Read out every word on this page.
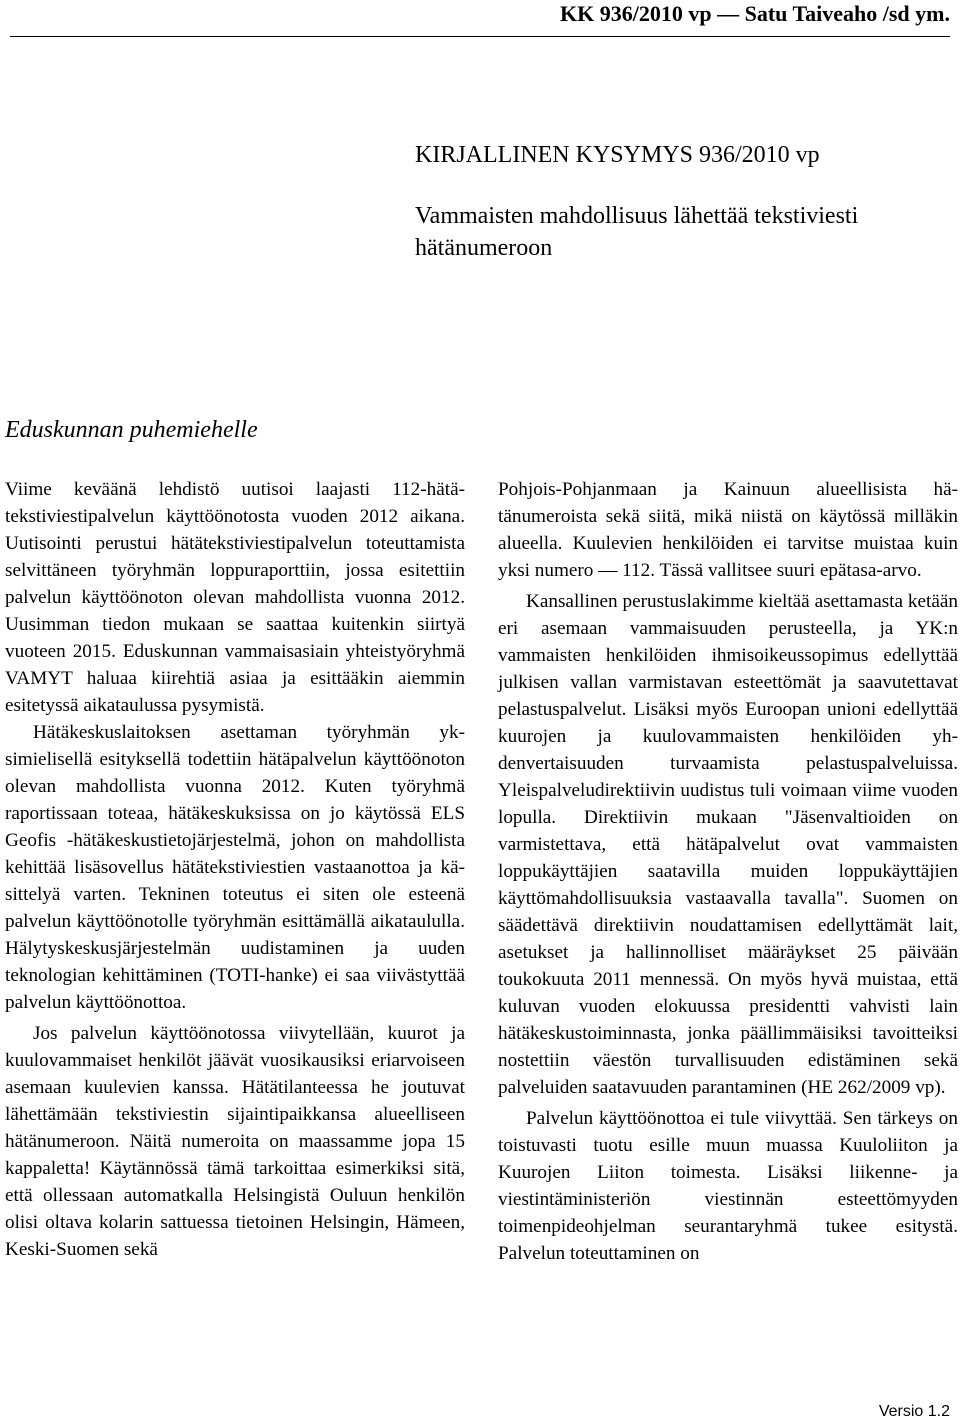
KK 936/2010 vp — Satu Taiveaho /sd ym.
KIRJALLINEN KYSYMYS 936/2010 vp
Vammaisten mahdollisuus lähettää tekstiviesti hätänumeroon
Eduskunnan puhemiehelle

Viime keväänä lehdistö uutisoi laajasti 112-hätätekstiviestipalvelun käyttöönotosta vuoden 2012 aikana. Uutisointi perustui hätätekstiviestipalvelun toteuttamista selvittäneen työryhmän loppuraporttiin, jossa esitettiin palvelun käyttöönoton olevan mahdollista vuonna 2012. Uusimman tiedon mukaan se saattaa kuitenkin siirtyä vuoteen 2015. Eduskunnan vammaisasiain yhteistyöryhmä VAMYT haluaa kiirehtiä asiaa ja esittääkin aiemmin esitetyssä aikataulussa pysymistä.

Hätäkeskuslaitoksen asettaman työryhmän yksimielisellä esityksellä todettiin hätäpalvelun käyttöönoton olevan mahdollista vuonna 2012. Kuten työryhmä raportissaan toteaa, hätäkeskuksissa on jo käytössä ELS Geofis -hätäkeskustietojärjestelmä, johon on mahdollista kehittää lisäsovellus hätätekstiviestien vastaanottoa ja käsittelyä varten. Tekninen toteutus ei siten ole esteenä palvelun käyttöönotolle työryhmän esittämällä aikataululla. Hälytyskeskusjärjestelmän uudistaminen ja uuden teknologian kehittäminen (TOTI-hanke) ei saa viivästyttää palvelun käyttöönottoa.

Jos palvelun käyttöönotossa viivytellään, kuurot ja kuulovammaiset henkilöt jäävät vuosikausiksi eriarvoiseen asemaan kuulevien kanssa. Hätätilanteessa he joutuvat lähettämään tekstiviestin sijaintipaikkansa alueelliseen hätänumeroon. Näitä numeroita on maassamme jopa 15 kappaletta! Käytännössä tämä tarkoittaa esimerkiksi sitä, että ollessaan automatkalla Helsingistä Ouluun henkilön olisi oltava kolarin sattuessa tietoinen Helsingin, Hämeen, Keski-Suomen sekä

Pohjois-Pohjanmaan ja Kainuun alueellisista hätänumeroista sekä siitä, mikä niistä on käytössä milläkin alueella. Kuulevien henkilöiden ei tarvitse muistaa kuin yksi numero — 112. Tässä vallitsee suuri epätasa-arvo.

Kansallinen perustuslakimme kieltää asettamasta ketään eri asemaan vammaisuuden perusteella, ja YK:n vammaisten henkilöiden ihmisoikeussopimus edellyttää julkisen vallan varmistavan esteettömät ja saavutettavat pelastuspalvelut. Lisäksi myös Euroopan unioni edellyttää kuurojen ja kuulovammaisten henkilöiden yhdenvertaisuuden turvaamista pelastuspalveluissa. Yleispalveludirektiivin uudistus tuli voimaan viime vuoden lopulla. Direktiivin mukaan "Jäsenvaltioiden on varmistettava, että hätäpalvelut ovat vammaisten loppukäyttäjien saatavilla muiden loppukäyttäjien käyttömahdollisuuksia vastaavalla tavalla". Suomen on säädettävä direktiivin noudattamisen edellyttämät lait, asetukset ja hallinnolliset määräykset 25 päivään toukokuuta 2011 mennessä. On myös hyvä muistaa, että kuluvan vuoden elokuussa presidentti vahvisti lain hätäkeskustoiminnasta, jonka päällimmäisiksi tavoitteiksi nostettiin väestön turvallisuuden edistäminen sekä palveluiden saatavuuden parantaminen (HE 262/2009 vp).

Palvelun käyttöönottoa ei tule viivyttää. Sen tärkeys on toistuvasti tuotu esille muun muassa Kuuloliiton ja Kuurojen Liiton toimesta. Lisäksi liikenne- ja viestintäministeriön viestinnän esteettömyyden toimenpideohjelman seurantaryhmä tukee esitystä. Palvelun toteuttaminen on

Versio 1.2
